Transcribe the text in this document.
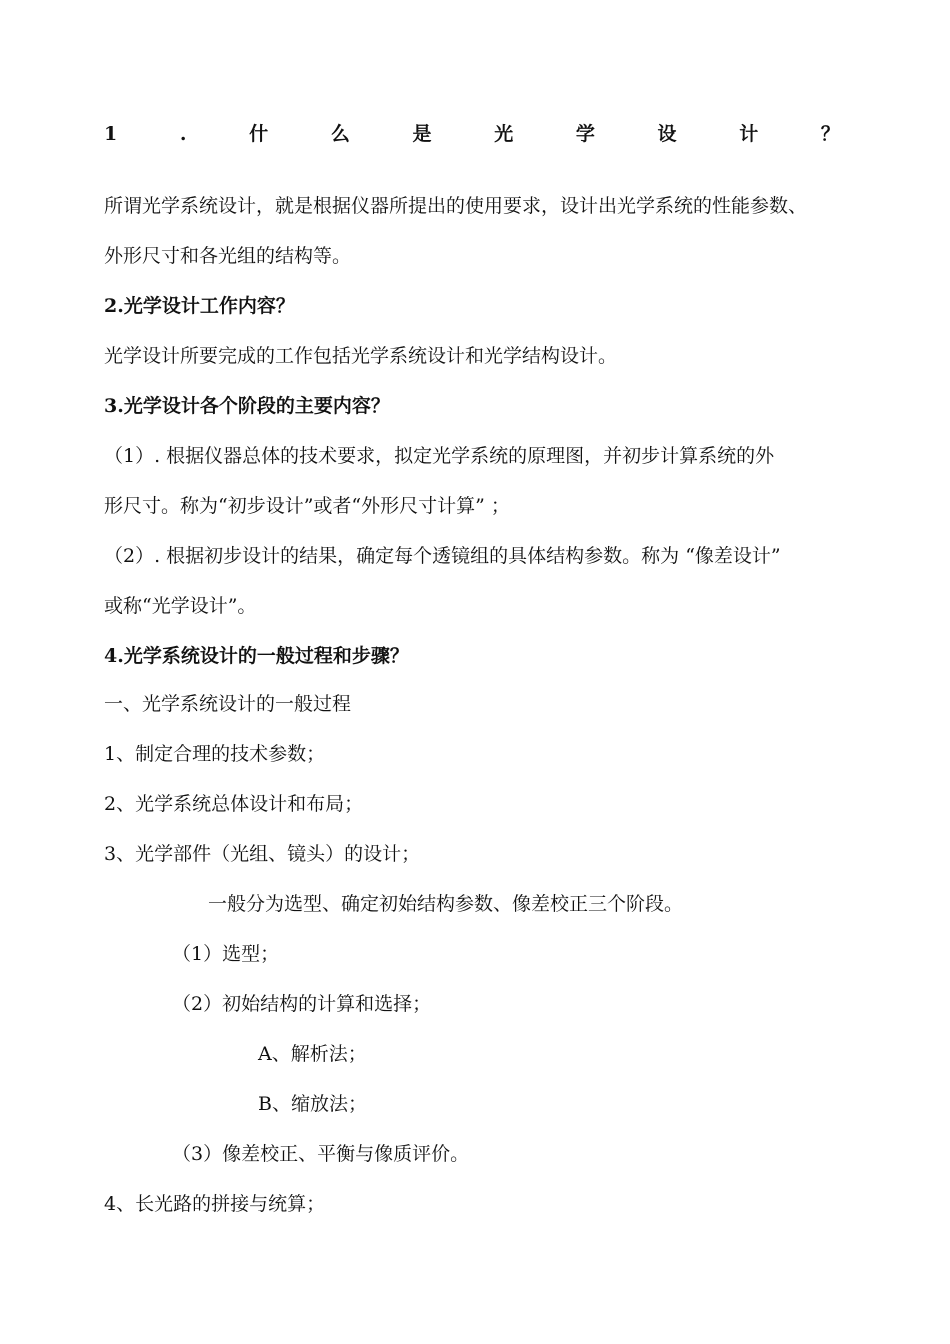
1	.	什	么	是	光	学	设	计	？
所谓光学系统设计，就是根据仪器所提出的使用要求，设计出光学系统的性能参数、
外形尺寸和各光组的结构等。
2.光学设计工作内容？
光学设计所要完成的工作包括光学系统设计和光学结构设计。
3.光学设计各个阶段的主要内容？
（1）. 根据仪器总体的技术要求，拟定光学系统的原理图，并初步计算系统的外
形尺寸。称为“初步设计”或者“外形尺寸计算” ；
（2）. 根据初步设计的结果，确定每个透镜组的具体结构参数。称为 “像差设计”
或称“光学设计”。
4.光学系统设计的一般过程和步骤？
一、光学系统设计的一般过程
1、制定合理的技术参数；
2、光学系统总体设计和布局；
3、光学部件（光组、镜头）的设计；
一般分为选型、确定初始结构参数、像差校正三个阶段。
（1）选型；
（2）初始结构的计算和选择；
A、解析法；
B、缩放法；
（3）像差校正、平衡与像质评价。
4、长光路的拼接与统算；
